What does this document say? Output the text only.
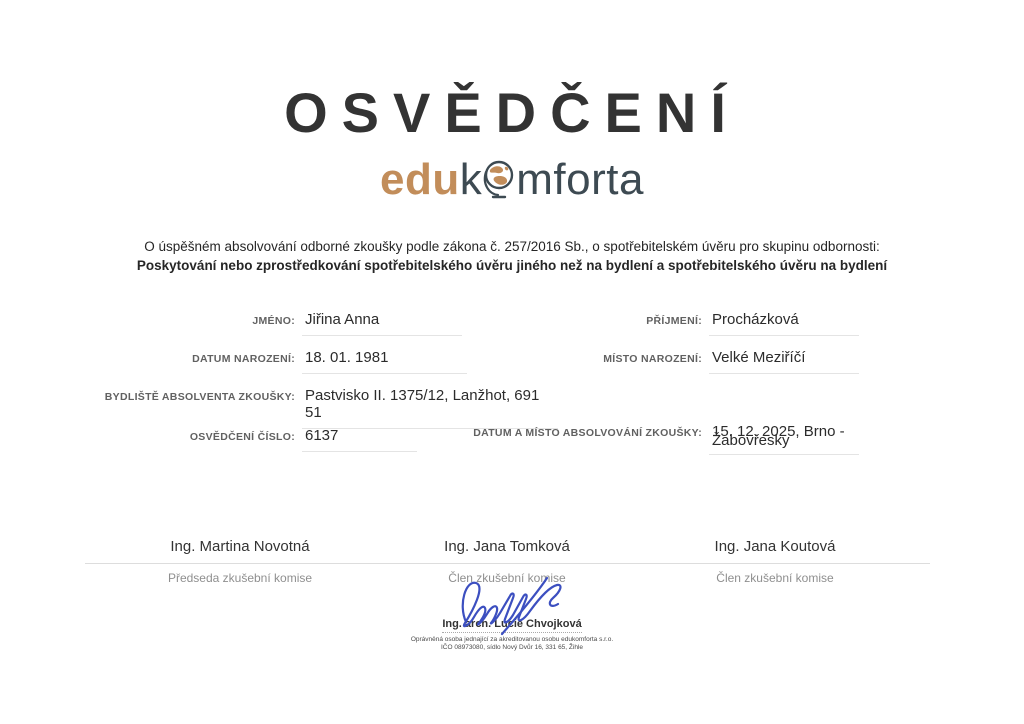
OSVĚDČENÍ
eduk mforta
O úspěšném absolvování odborné zkoušky podle zákona č. 257/2016 Sb., o spotřebitelském úvěru pro skupinu odbornosti:
Poskytování nebo zprostředkování spotřebitelského úvěru jiného než na bydlení a spotřebitelského úvěru na bydlení
JMÉNO: Jiřina Anna	PŘÍJMENÍ: Procházková
DATUM NAROZENÍ: 18. 01. 1981	MÍSTO NAROZENÍ: Velké Meziříčí
BYDLIŠTĚ ABSOLVENTA ZKOUŠKY: Pastvisko II. 1375/12, Lanžhot, 691 51
OSVĚDČENÍ ČÍSLO: 6137	DATUM A MÍSTO ABSOLVOVÁNÍ ZKOUŠKY: 15. 12. 2025, Brno - Žabovřesky
Ing. Martina Novotná
Předseda zkušební komise
Ing. Jana Tomková
Člen zkušební komise
Ing. Jana Koutová
Člen zkušební komise
Ing. arch. Lucie Chvojková
Oprávněná osoba jednající za akreditovanou osobu edukomforta s.r.o.
IČO 08973080, sídlo Nový Dvůr 16, 331 65, Žihle
